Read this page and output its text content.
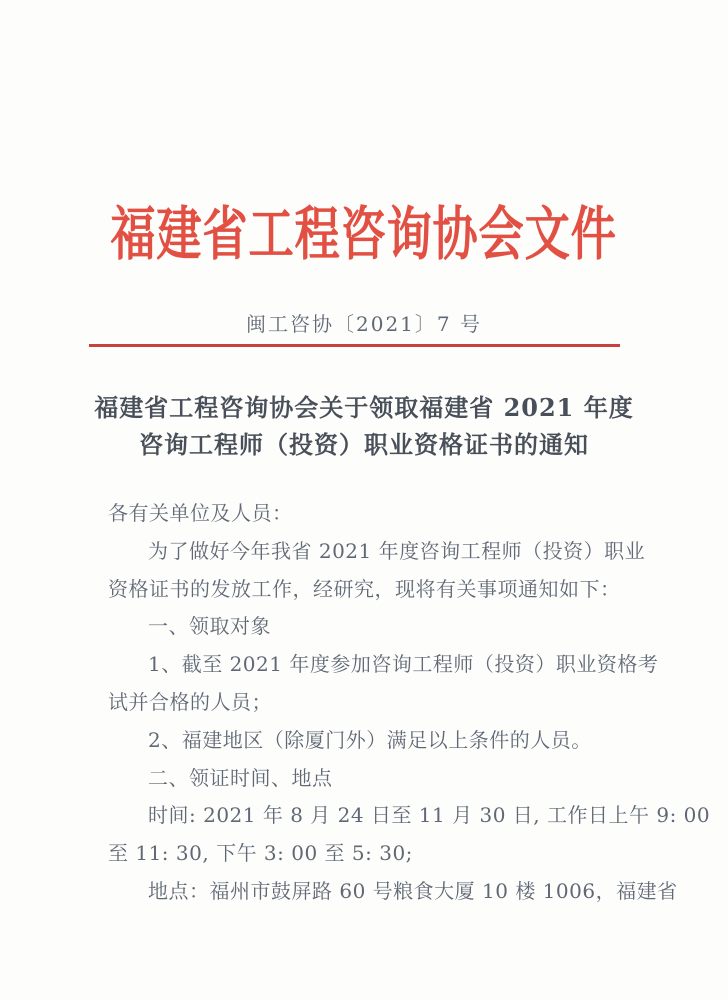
福建省工程咨询协会文件
闽工咨协〔2021〕7 号
福建省工程咨询协会关于领取福建省 2021 年度
咨询工程师（投资）职业资格证书的通知
各有关单位及人员：
为了做好今年我省 2021 年度咨询工程师（投资）职业
资格证书的发放工作，经研究，现将有关事项通知如下：
一、领取对象
1、截至 2021 年度参加咨询工程师（投资）职业资格考
试并合格的人员；
2、福建地区（除厦门外）满足以上条件的人员。
二、领证时间、地点
时间: 2021 年 8 月 24 日至 11 月 30 日, 工作日上午 9: 00
至 11: 30, 下午 3: 00 至 5: 30;
地点：福州市鼓屏路 60 号粮食大厦 10 楼 1006，福建省
